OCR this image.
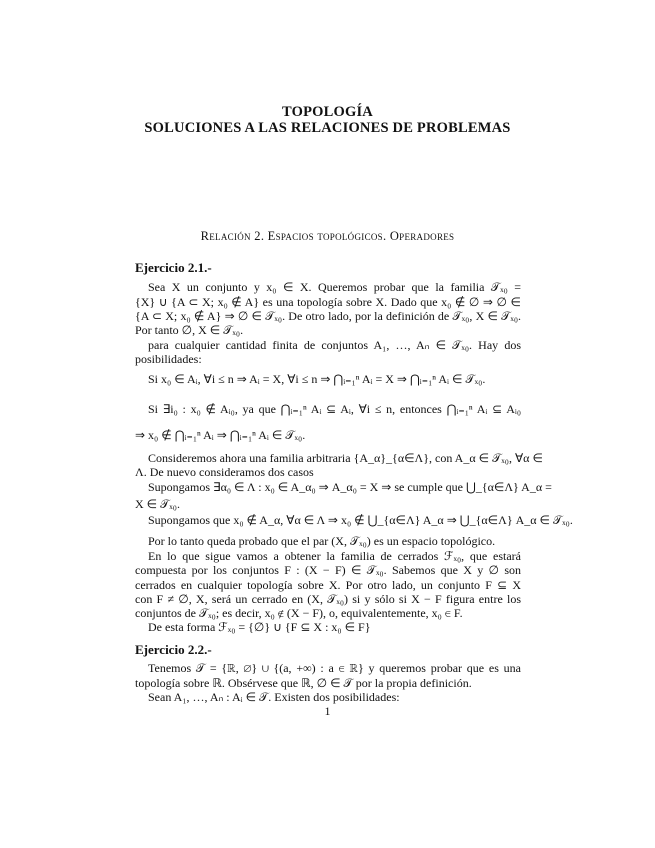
TOPOLOGÍA
SOLUCIONES A LAS RELACIONES DE PROBLEMAS
Relación 2. Espacios topológicos. Operadores
Ejercicio 2.1.-
Sea X un conjunto y x₀ ∈ X. Queremos probar que la familia 𝒯ₓ₀ =
{X} ∪ {A ⊂ X; x₀ ∉ A} es una topología sobre X. Dado que x₀ ∉ ∅ ⇒ ∅ ∈
{A ⊂ X; x₀ ∉ A} ⇒ ∅ ∈ 𝒯ₓ₀. De otro lado, por la definición de 𝒯ₓ₀, X ∈ 𝒯ₓ₀.
Por tanto ∅, X ∈ 𝒯ₓ₀.
para cualquier cantidad finita de conjuntos A₁, …, Aₙ ∈ 𝒯ₓ₀. Hay dos
posibilidades:
Si x₀ ∈ Aᵢ, ∀i ≤ n ⇒ Aᵢ = X, ∀i ≤ n ⇒ ⋂ᵢ₌₁ⁿ Aᵢ = X ⇒ ⋂ᵢ₌₁ⁿ Aᵢ ∈ 𝒯ₓ₀.
Si ∃i₀ : x₀ ∉ Aᵢ₀, ya que ⋂ᵢ₌₁ⁿ Aᵢ ⊆ Aᵢ, ∀i ≤ n, entonces ⋂ᵢ₌₁ⁿ Aᵢ ⊆ Aᵢ₀
⇒ x₀ ∉ ⋂ᵢ₌₁ⁿ Aᵢ ⇒ ⋂ᵢ₌₁ⁿ Aᵢ ∈ 𝒯ₓ₀.
Consideremos ahora una familia arbitraria {A_α}_{α∈Λ}, con A_α ∈ 𝒯ₓ₀, ∀α ∈
Λ. De nuevo consideramos dos casos
Supongamos ∃α₀ ∈ Λ : x₀ ∈ A_α₀ ⇒ A_α₀ = X ⇒ se cumple que ⋃_{α∈Λ} A_α =
X ∈ 𝒯ₓ₀.
Supongamos que x₀ ∉ A_α, ∀α ∈ Λ ⇒ x₀ ∉ ⋃_{α∈Λ} A_α ⇒ ⋃_{α∈Λ} A_α ∈ 𝒯ₓ₀.
Por lo tanto queda probado que el par (X, 𝒯ₓ₀) es un espacio topológico.
En lo que sigue vamos a obtener la familia de cerrados ℱₓ₀, que estará
compuesta por los conjuntos F : (X − F) ∈ 𝒯ₓ₀. Sabemos que X y ∅ son
cerrados en cualquier topología sobre X. Por otro lado, un conjunto F ⊆ X
con F ≠ ∅, X, será un cerrado en (X, 𝒯ₓ₀) si y sólo si X − F figura entre los
conjuntos de 𝒯ₓ₀; es decir, x₀ ∉ (X − F), o, equivalentemente, x₀ ∈ F.
De esta forma ℱₓ₀ = {∅} ∪ {F ⊆ X : x₀ ∈ F}
Ejercicio 2.2.-
Tenemos 𝒯 = {ℝ, ∅} ∪ {(a, +∞) : a ∈ ℝ} y queremos probar que es una
topología sobre ℝ. Obsérvese que ℝ, ∅ ∈ 𝒯 por la propia definición.
Sean A₁, …, Aₙ : Aᵢ ∈ 𝒯. Existen dos posibilidades:
1
